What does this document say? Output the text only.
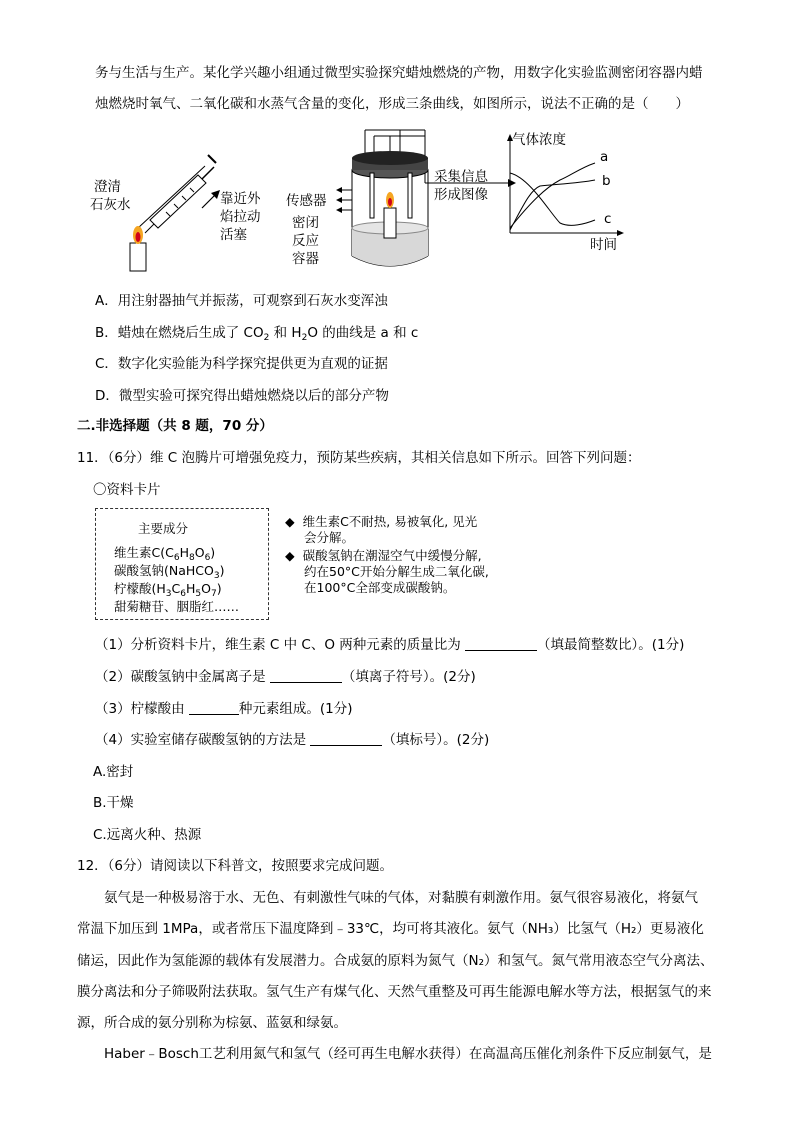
务与生活与生产。某化学兴趣小组通过微型实验探究蜡烛燃烧的产物，用数字化实验监测密闭容器内蜡
烛燃烧时氧气、二氧化碳和水蒸气含量的变化，形成三条曲线，如图所示，说法不正确的是（　　）
澄清
石灰水	靠近外
焰拉动
活塞
传感器
密闭
反应
容器
采集信息
形成图像
气体浓度
时间
a
b
c
A．用注射器抽气并振荡，可观察到石灰水变浑浊
B．蜡烛在燃烧后生成了 $CO_2$ 和 $H_2O$ 的曲线是 a 和 c
C．数字化实验能为科学探究提供更为直观的证据
D．微型实验可探究得出蜡烛燃烧以后的部分产物
二.非选择题（共 8 题，70 分）
11．（6分）维 C 泡腾片可增强免疫力，预防某些疾病，其相关信息如下所示。回答下列问题：
〇资料卡片
主要成分
维生素$C(C_6H_8O_6)$
碳酸氢钠(NaHCO$_3$)
柠檬酸$(H_3C_6H_5O_7)$
甜菊糖苷、胭脂红……
◆ 维生素C不耐热, 易被氧化, 见光
会分解。
◆ 碳酸氢钠在潮湿空气中缓慢分解,
约在50°C开始分解生成二氧化碳,
在100°C全部变成碳酸钠。
（1）分析资料卡片，维生素 C 中 C、O 两种元素的质量比为	（填最简整数比）。(1分)
（2）碳酸氢钠中金属离子是	（填离子符号）。(2分)
（3）柠檬酸由	种元素组成。(1分)
（4）实验室储存碳酸氢钠的方法是	（填标号）。(2分)
A.密封
B.干燥
C.远离火种、热源
12．（6分）请阅读以下科普文，按照要求完成问题。
氨气是一种极易溶于水、无色、有刺激性气味的气体，对黏膜有刺激作用。氨气很容易液化，将氨气
常温下加压到 1MPa，或者常压下温度降到﹣33℃，均可将其液化。氨气（NH₃）比氢气（H₂）更易液化
储运，因此作为氢能源的载体有发展潜力。合成氨的原料为氮气（N₂）和氢气。氮气常用液态空气分离法、
膜分离法和分子筛吸附法获取。氢气生产有煤气化、天然气重整及可再生能源电解水等方法，根据氢气的来
源，所合成的氨分别称为棕氨、蓝氨和绿氨。
Haber﹣Bosch工艺利用氮气和氢气（经可再生电解水获得）在高温高压催化剂条件下反应制氨气，是
